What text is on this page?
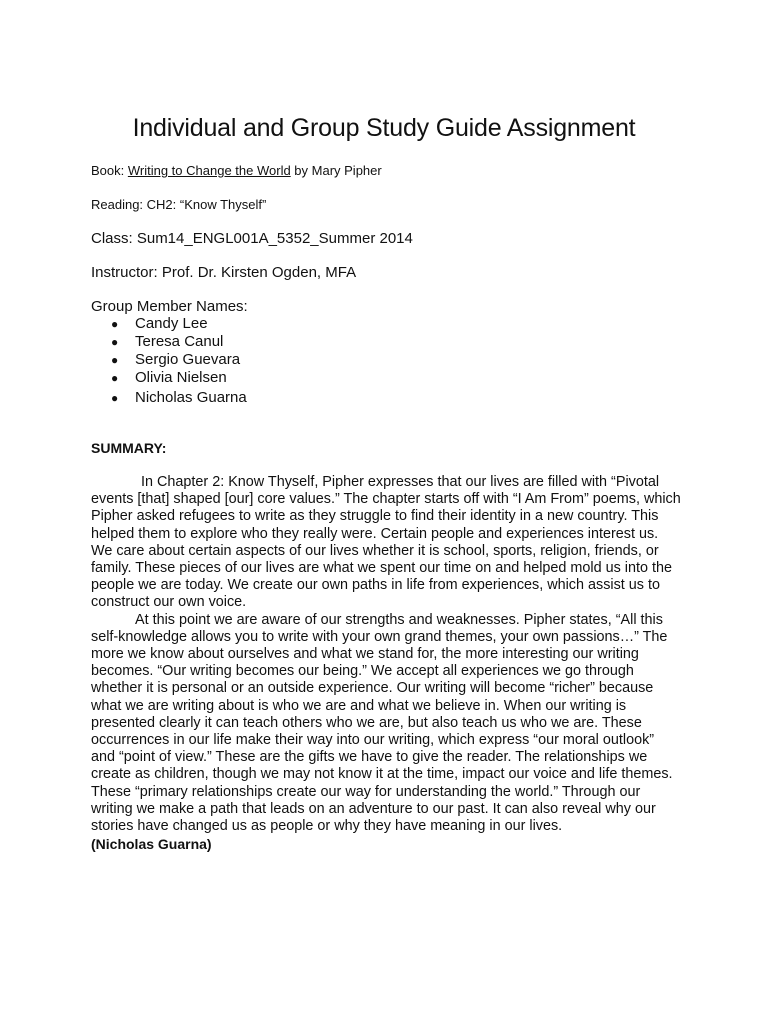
Individual and Group Study Guide Assignment
Book: Writing to Change the World by Mary Pipher
Reading: CH2: “Know Thyself”
Class: Sum14_ENGL001A_5352_Summer 2014
Instructor: Prof. Dr. Kirsten Ogden, MFA
Group Member Names:
● Candy Lee
● Teresa Canul
● Sergio Guevara
● Olivia Nielsen
● Nicholas Guarna
SUMMARY:

In Chapter 2: Know Thyself, Pipher expresses that our lives are filled with “Pivotal events [that] shaped [our] core values.” The chapter starts off with “I Am From” poems, which Pipher asked refugees to write as they struggle to find their identity in a new country. This helped them to explore who they really were. Certain people and experiences interest us. We care about certain aspects of our lives whether it is school, sports, religion, friends, or family. These pieces of our lives are what we spent our time on and helped mold us into the people we are today. We create our own paths in life from experiences, which assist us to construct our own voice.

At this point we are aware of our strengths and weaknesses. Pipher states, “All this self-knowledge allows you to write with your own grand themes, your own passions…” The more we know about ourselves and what we stand for, the more interesting our writing becomes. “Our writing becomes our being.” We accept all experiences we go through whether it is personal or an outside experience. Our writing will become “richer” because what we are writing about is who we are and what we believe in. When our writing is presented clearly it can teach others who we are, but also teach us who we are. These occurrences in our life make their way into our writing, which express “our moral outlook” and “point of view.” These are the gifts we have to give the reader. The relationships we create as children, though we may not know it at the time, impact our voice and life themes. These “primary relationships create our way for understanding the world.” Through our writing we make a path that leads on an adventure to our past. It can also reveal why our stories have changed us as people or why they have meaning in our lives.

(Nicholas Guarna)
